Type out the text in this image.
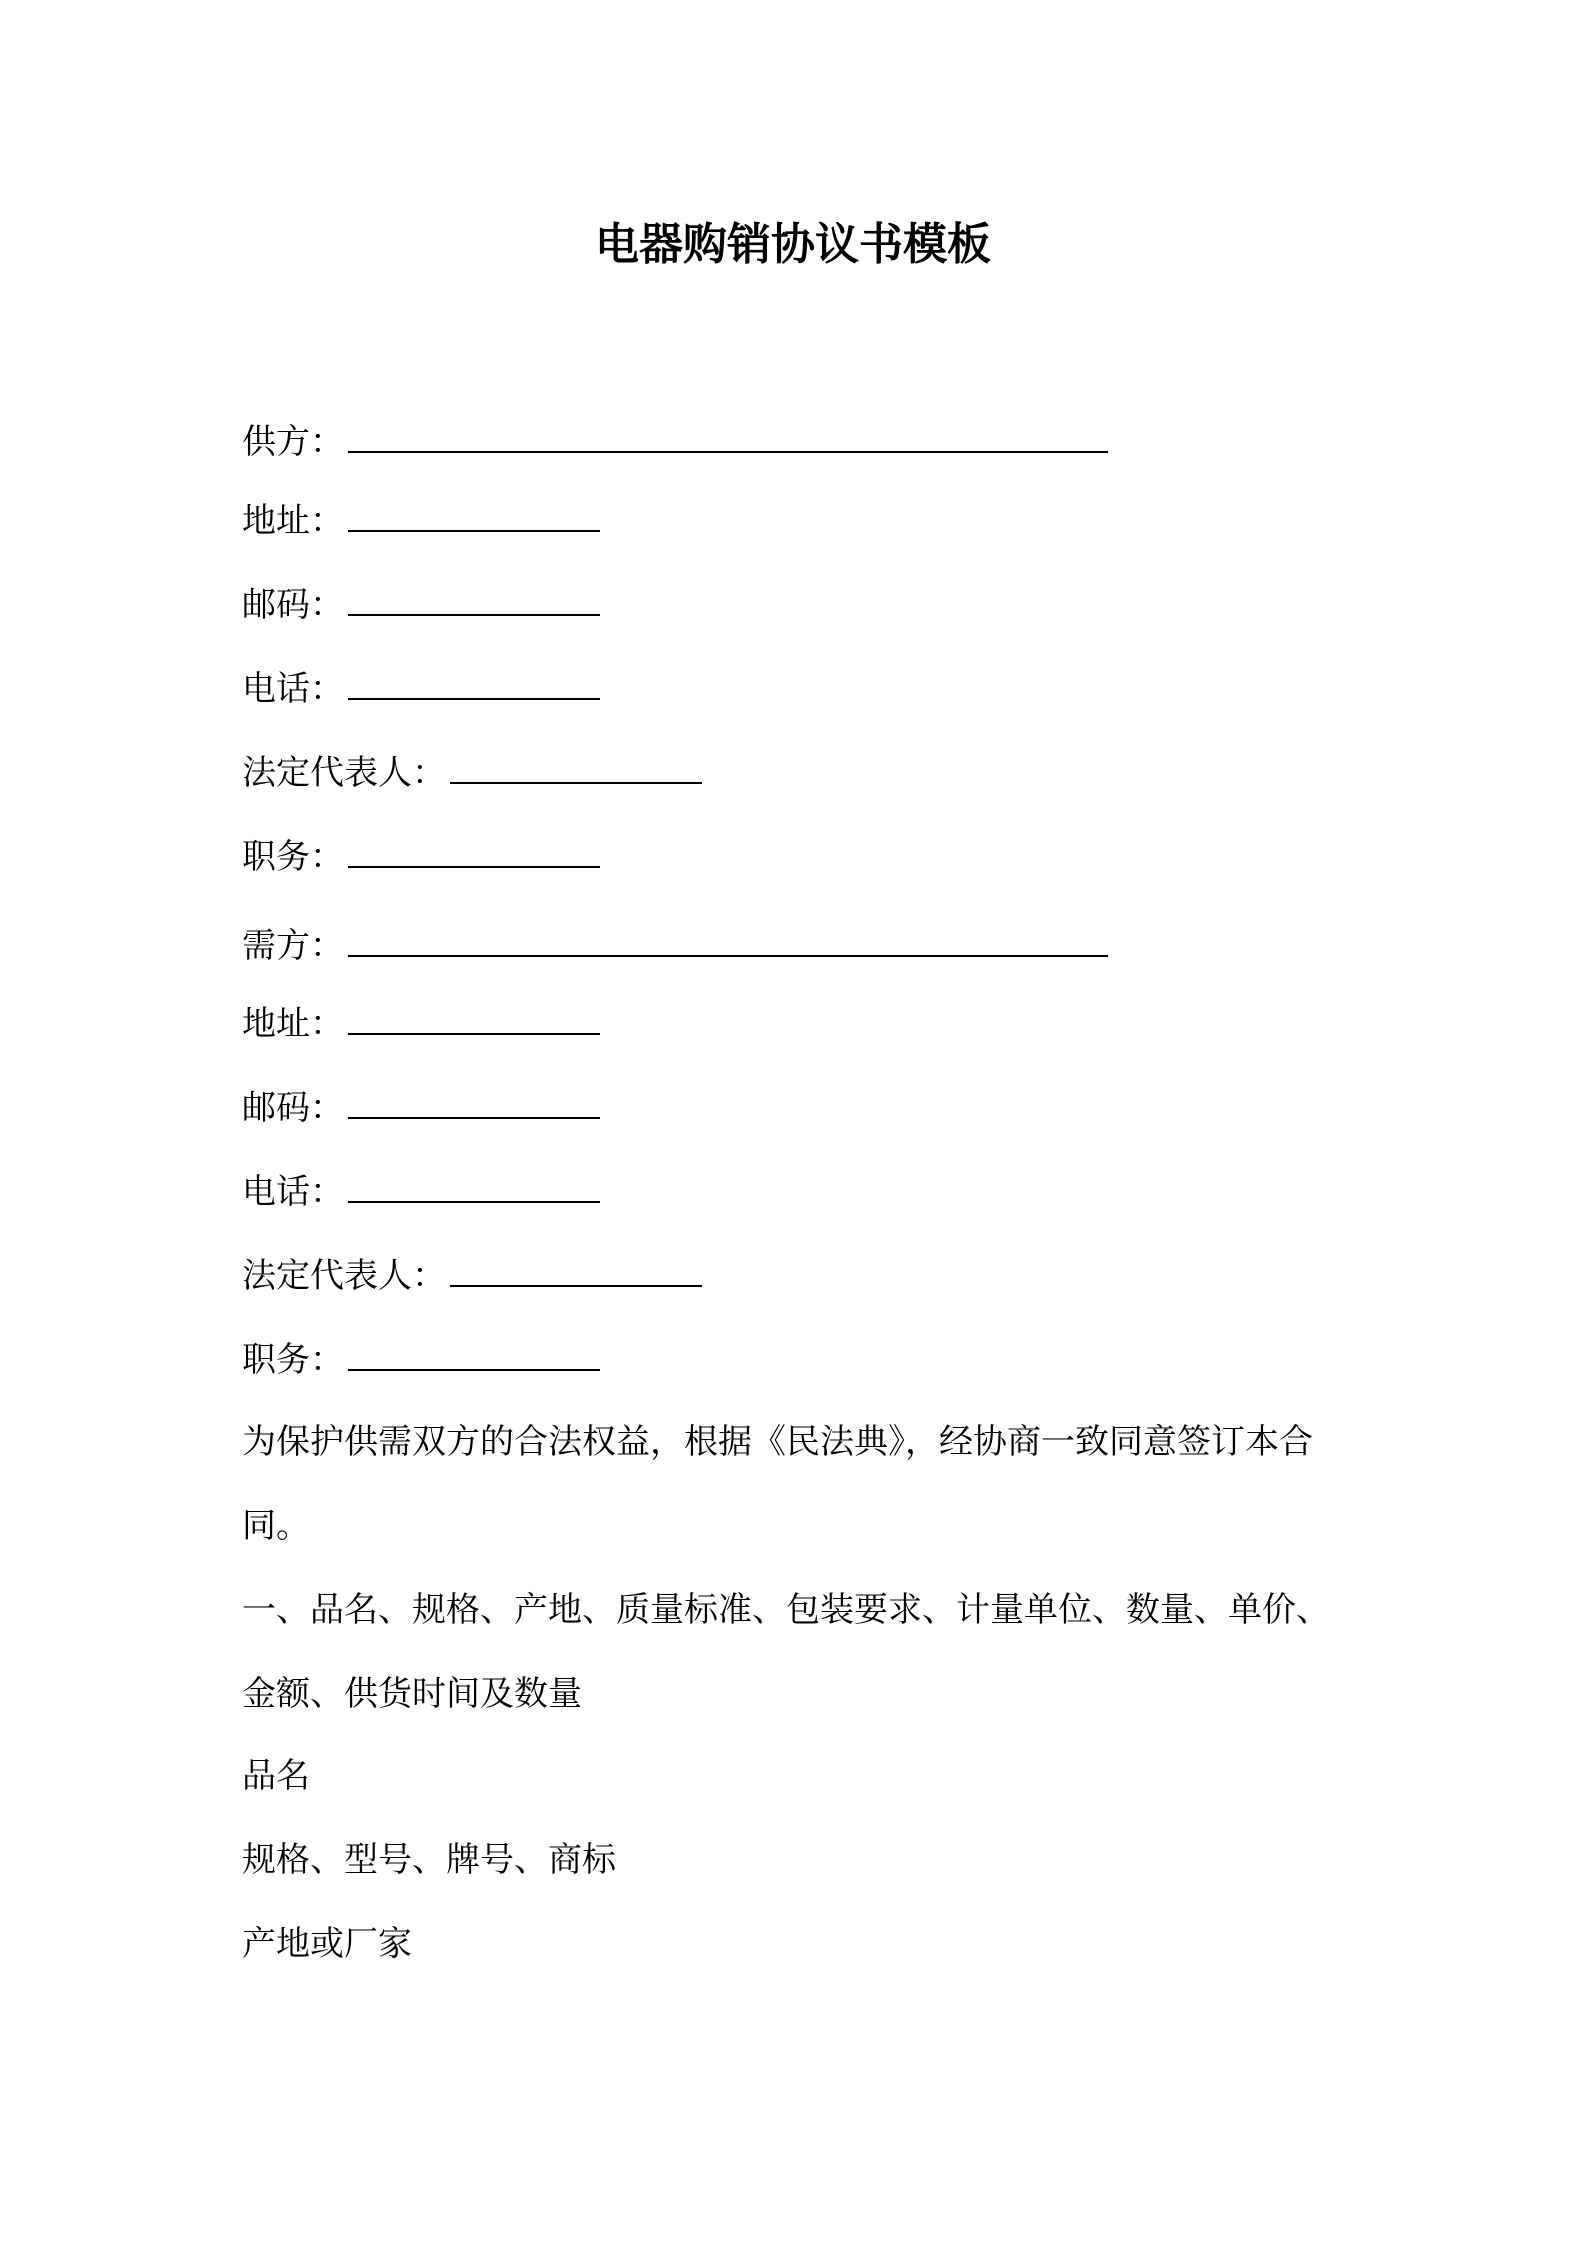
电器购销协议书模板
供方：
地址：
邮码：
电话：
法定代表人：
职务：
需方：
地址：
邮码：
电话：
法定代表人：
职务：
为保护供需双方的合法权益，根据《民法典》，经协商一致同意签订本合同。
一、品名、规格、产地、质量标准、包装要求、计量单位、数量、单价、金额、供货时间及数量
品名
规格、型号、牌号、商标
产地或厂家
